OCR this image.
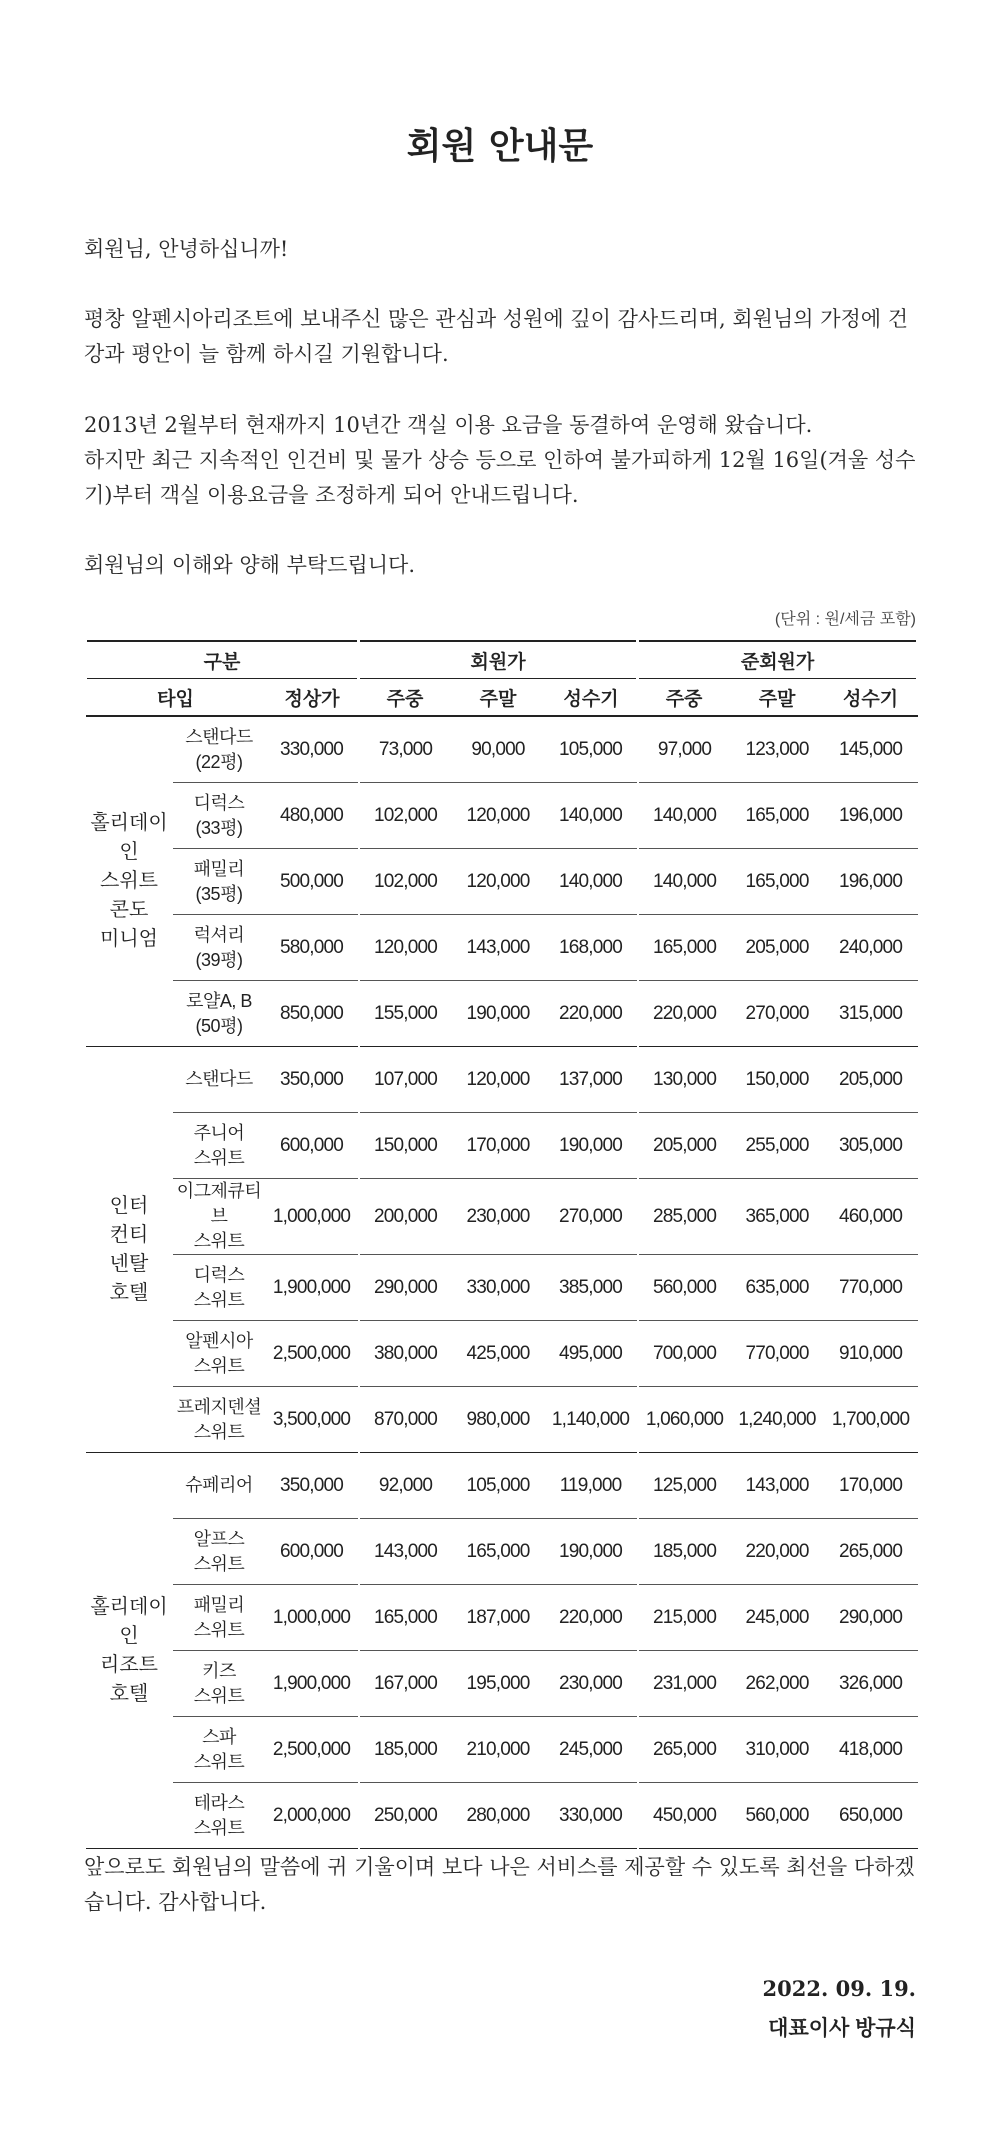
회원 안내문

회원님, 안녕하십니까!

평창 알펜시아리조트에 보내주신 많은 관심과 성원에 깊이 감사드리며, 회원님의 가정에 건강과 평안이 늘 함께 하시길 기원합니다.

2013년 2월부터 현재까지 10년간 객실 이용 요금을 동결하여 운영해 왔습니다.

하지만 최근 지속적인 인건비 및 물가 상승 등으로 인하여 불가피하게 12월 16일(겨울 성수기)부터 객실 이용요금을 조정하게 되어 안내드립니다.

회원님의 이해와 양해 부탁드립니다.

(단위 : 원/세금 포함)
구분			회원가			준회원가		
타입		정상가	주중	주말	성수기	주중	주말	성수기
홀리데이
인
스위트
콘도
미니엄	스탠다드
(22평)	330,000	73,000	90,000	105,000	97,000	123,000	145,000
	디럭스
(33평)	480,000	102,000	120,000	140,000	140,000	165,000	196,000
	패밀리
(35평)	500,000	102,000	120,000	140,000	140,000	165,000	196,000
	럭셔리
(39평)	580,000	120,000	143,000	168,000	165,000	205,000	240,000
	로얄A, B
(50평)	850,000	155,000	190,000	220,000	220,000	270,000	315,000
인터
컨티
넨탈
호텔	스탠다드	350,000	107,000	120,000	137,000	130,000	150,000	205,000
	주니어
스위트	600,000	150,000	170,000	190,000	205,000	255,000	305,000
	이그제큐티브
스위트	1,000,000	200,000	230,000	270,000	285,000	365,000	460,000
	디럭스
스위트	1,900,000	290,000	330,000	385,000	560,000	635,000	770,000
	알펜시아
스위트	2,500,000	380,000	425,000	495,000	700,000	770,000	910,000
	프레지덴셜
스위트	3,500,000	870,000	980,000	1,140,000	1,060,000	1,240,000	1,700,000
홀리데이
인
리조트
호텔	슈페리어	350,000	92,000	105,000	119,000	125,000	143,000	170,000
	알프스
스위트	600,000	143,000	165,000	190,000	185,000	220,000	265,000
	패밀리
스위트	1,000,000	165,000	187,000	220,000	215,000	245,000	290,000
	키즈
스위트	1,900,000	167,000	195,000	230,000	231,000	262,000	326,000
	스파
스위트	2,500,000	185,000	210,000	245,000	265,000	310,000	418,000
	테라스
스위트	2,000,000	250,000	280,000	330,000	450,000	560,000	650,000

앞으로도 회원님의 말씀에 귀 기울이며 보다 나은 서비스를 제공할 수 있도록 최선을 다하겠습니다. 감사합니다.

2022. 09. 19.
대표이사 방규식
